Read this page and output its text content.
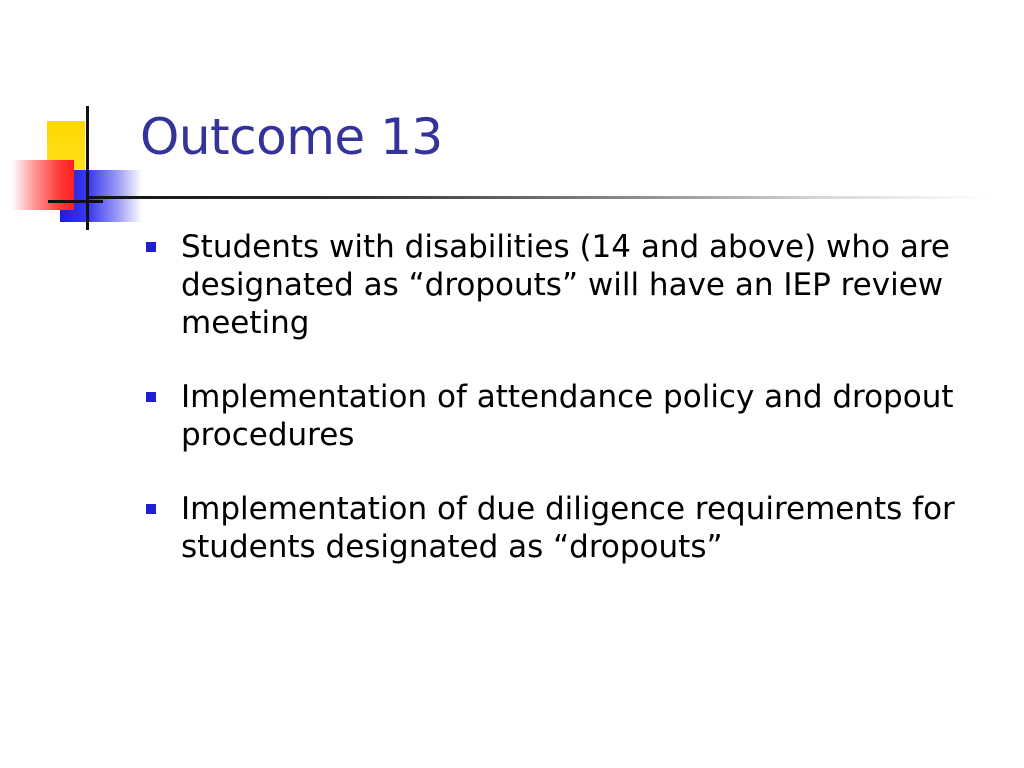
Outcome 13
Students with disabilities (14 and above) who are designated as “dropouts” will have an IEP review meeting
Implementation of attendance policy and dropout procedures
Implementation of due diligence requirements for students designated as “dropouts”
